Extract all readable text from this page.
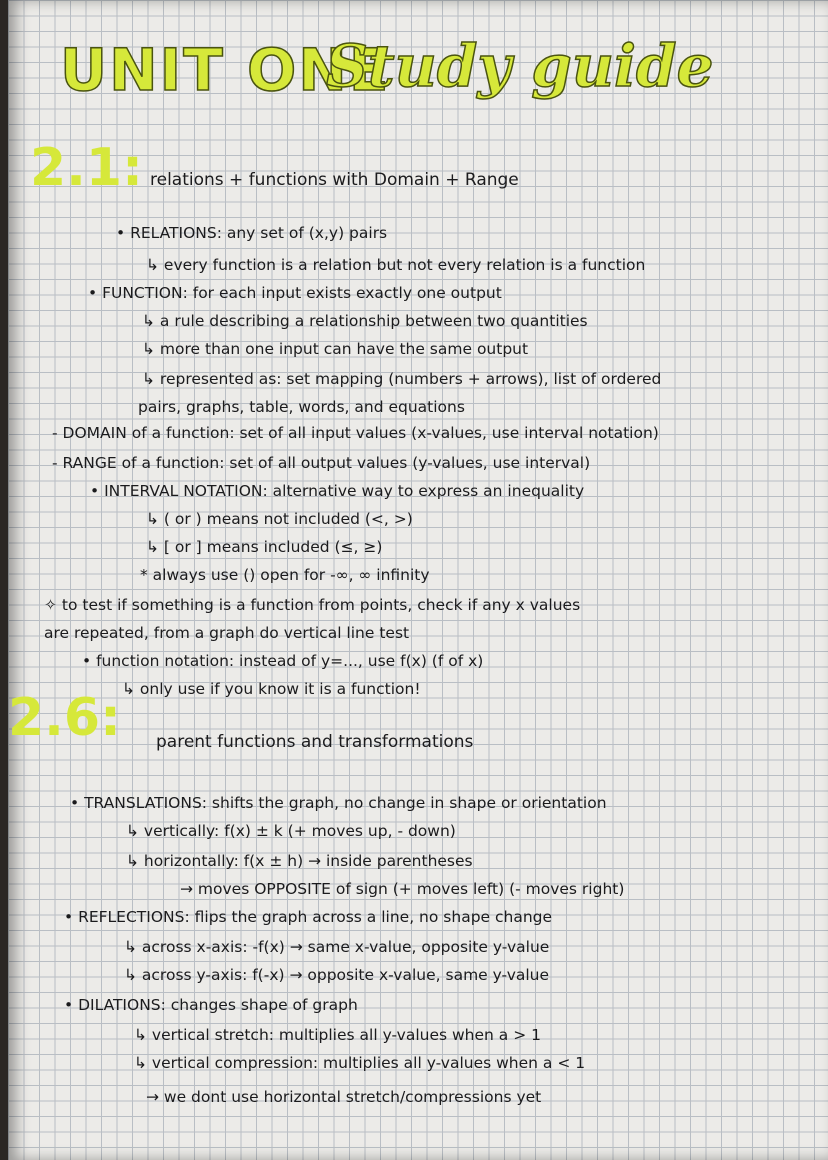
UNIT ONE
Study guide
2.1: relations + functions with Domain + Range
• RELATIONS: any set of (x,y) pairs
↳ every function is a relation but not every relation is a function
• FUNCTION: for each input exists exactly one output
↳ a rule describing a relationship between two quantities
↳ more than one input can have the same output
↳ represented as: set mapping (numbers + arrows), list of ordered
pairs, graphs, table, words, and equations
- DOMAIN of a function: set of all input values (x-values, use interval notation)
- RANGE of a function: set of all output values (y-values, use interval)
• INTERVAL NOTATION: alternative way to express an inequality
↳ ( or ) means not included (<, >)
↳ [ or ] means included (≤, ≥)
* always use () open for -∞, ∞ infinity
✧ to test if something is a function from points, check if any x values
are repeated, from a graph do vertical line test
• function notation: instead of y=..., use f(x) (f of x)
↳ only use if you know it is a function!
2.6: parent functions and transformations
• TRANSLATIONS: shifts the graph, no change in shape or orientation
↳ vertically: f(x) ± k (+ moves up, - down)
↳ horizontally: f(x ± h) → inside parentheses
→ moves OPPOSITE of sign (+ moves left) (- moves right)
• REFLECTIONS: flips the graph across a line, no shape change
↳ across x-axis: -f(x) → same x-value, opposite y-value
↳ across y-axis: f(-x) → opposite x-value, same y-value
• DILATIONS: changes shape of graph
↳ vertical stretch: multiplies all y-values when a > 1
↳ vertical compression: multiplies all y-values when a < 1
→ we dont use horizontal stretch/compressions yet
